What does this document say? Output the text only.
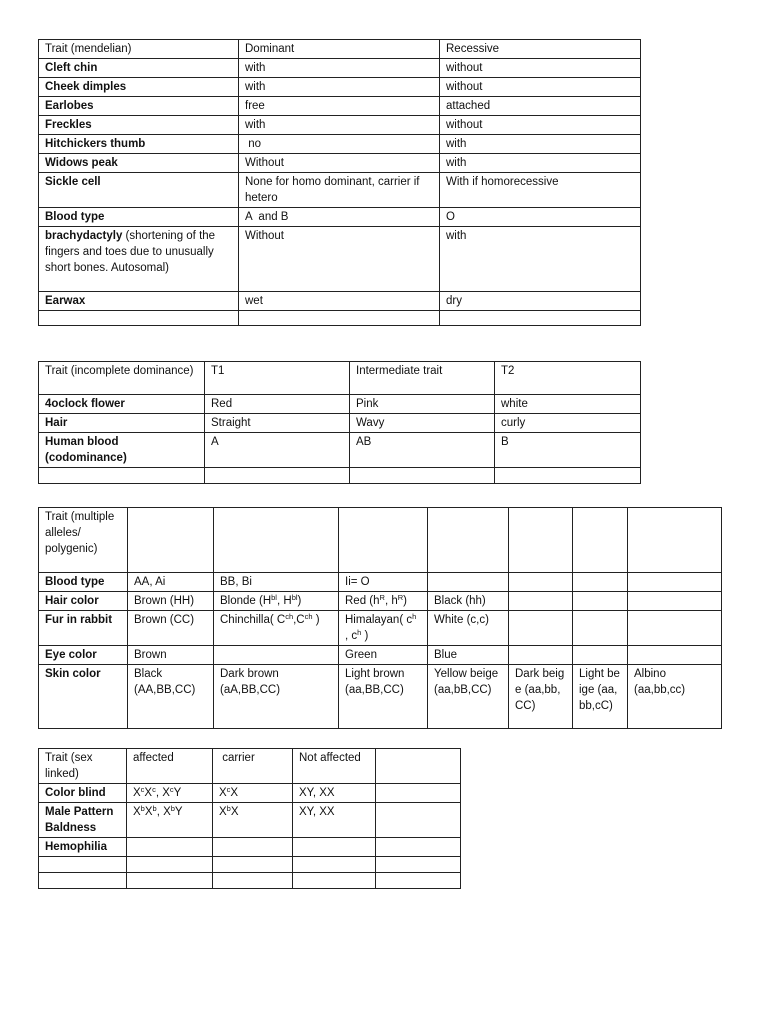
Trait (mendelian)	Dominant	Recessive
Cleft chin	with	without
Cheek dimples	with	without
Earlobes	free	attached
Freckles	with	without
Hitchickers thumb	no	with
Widows peak	Without	with
Sickle cell	None for homo dominant, carrier if hetero	With if homorecessive
Blood type	A  and B	O
brachydactyly (shortening of the fingers and toes due to unusually short bones. Autosomal)	Without	with
Earwax	wet	dry

Trait (incomplete dominance)	T1	Intermediate trait	T2
4oclock flower	Red	Pink	white
Hair	Straight	Wavy	curly
Human blood (codominance)	A	AB	B

Trait (multiple alleles/ polygenic)							
Blood type	AA, Ai	BB, Bi	Ii= O				
Hair color	Brown (HH)	Blonde ($H^{bl}$, $H^{bl}$)	Red ($h^R$, $h^R$)	Black (hh)			
Fur in rabbit	Brown (CC)	Chinchilla( $C^{ch},C^{ch}$ )	Himalayan( $c^h$ , $c^h$ )	White (c,c)			
Eye color	Brown		Green	Blue			
Skin color	Black (AA,BB,CC)	Dark brown (aA,BB,CC)	Light brown (aa,BB,CC)	Yellow beige (aa,bB,CC)	Dark beige (aa,bb,CC)	Light beige (aa,bb,cC)	Albino (aa,bb,cc)
Trait (sex linked)	affected	carrier	Not affected	
Color blind	$X^cX^c$, $X^cY$	$X^cX$	XY, XX	
Male Pattern Baldness	$X^bX^b$, $X^bY$	$X^bX$	XY, XX	
Hemophilia				
